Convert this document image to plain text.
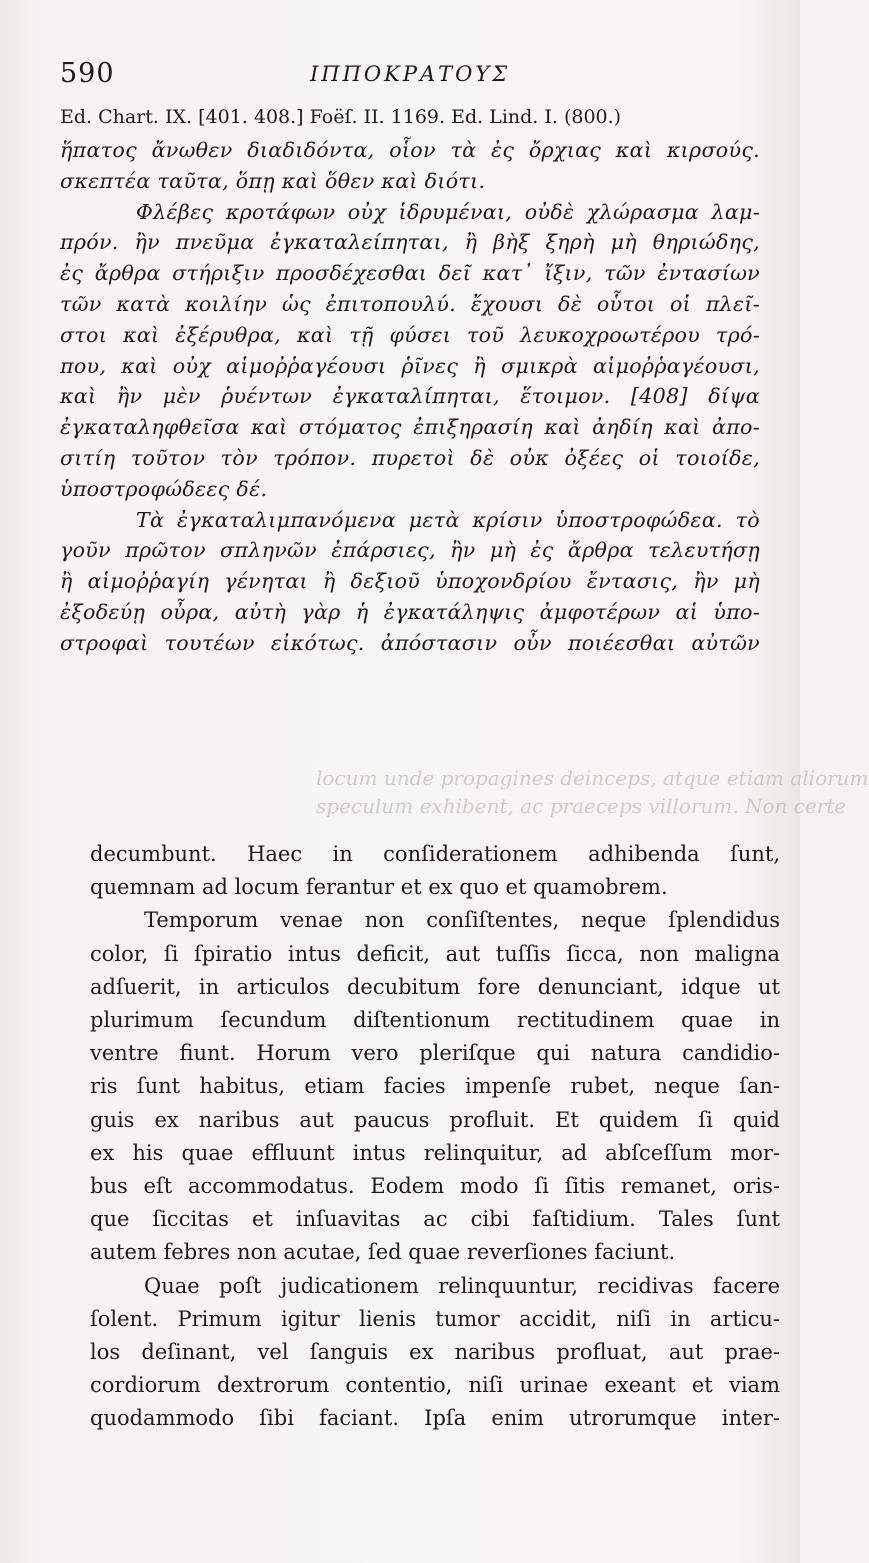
590	ΙΠΠΟΚΡΑΤΟΥΣ
Ed. Chart. IX. [401. 408.] Foëſ. II. 1169. Ed. Lind. I. (800.)
ἥπατος ἄνωθεν διαδιδόντα, οἷον τὰ ἐς ὄρχιας καὶ κιρσούς.
σκεπτέα ταῦτα, ὅπῃ καὶ ὅθεν καὶ διότι.
Φλέβες κροτάφων οὐχ ἱδρυμέναι, οὐδὲ χλώρασμα λαμ-
πρόν. ἢν πνεῦμα ἐγκαταλείπηται, ἢ βὴξ ξηρὴ μὴ θηριώδης,
ἐς ἄρθρα στήριξιν προσδέχεσθαι δεῖ κατ᾽ ἴξιν, τῶν ἐντασίων
τῶν κατὰ κοιλίην ὡς ἐπιτοπουλύ. ἔχουσι δὲ οὗτοι οἱ πλεῖ-
στοι καὶ ἐξέρυθρα, καὶ τῇ φύσει τοῦ λευκοχροωτέρου τρό-
που, καὶ οὐχ αἱμοῤῥαγέουσι ῥῖνες ἢ σμικρὰ αἱμοῤῥαγέουσι,
καὶ ἢν μὲν ῥυέντων ἐγκαταλίπηται, ἕτοιμον. [408] δίψα
ἐγκαταληφθεῖσα καὶ στόματος ἐπιξηρασίη καὶ ἀηδίη καὶ ἀπο-
σιτίη τοῦτον τὸν τρόπον. πυρετοὶ δὲ οὐκ ὀξέες οἱ τοιοίδε,
ὑποστροφώδεες δέ.
Τὰ ἐγκαταλιμπανόμενα μετὰ κρίσιν ὑποστροφώδεα. τὸ
γοῦν πρῶτον σπληνῶν ἐπάρσιες, ἢν μὴ ἐς ἄρθρα τελευτήσῃ
ἢ αἱμοῤῥαγίη γένηται ἢ δεξιοῦ ὑποχονδρίου ἔντασις, ἢν μὴ
ἐξοδεύῃ οὖρα, αὐτὴ γὰρ ἡ ἐγκατάληψις ἀμφοτέρων αἱ ὑπο-
στροφαὶ τουτέων εἰκότως. ἀπόστασιν οὖν ποιέεσθαι αὐτῶν
locum unde propagines deinceps, atque etiam aliorum
speculum exhibent, ac praeceps villorum. Non certe
decumbunt. Haec in conſiderationem adhibenda ſunt,
quemnam ad locum ferantur et ex quo et quamobrem.
Temporum venae non conſiſtentes, neque ſplendidus
color, ſi ſpiratio intus deficit, aut tuſſis ſicca, non maligna
adſuerit, in articulos decubitum fore denunciant, idque ut
plurimum ſecundum diſtentionum rectitudinem quae in
ventre fiunt. Horum vero pleriſque qui natura candidio-
ris ſunt habitus, etiam facies impenſe rubet, neque ſan-
guis ex naribus aut paucus profluit. Et quidem ſi quid
ex his quae effluunt intus relinquitur, ad abſceſſum mor-
bus eſt accommodatus. Eodem modo ſi ſitis remanet, oris-
que ſiccitas et inſuavitas ac cibi faſtidium. Tales ſunt
autem febres non acutae, ſed quae reverſiones faciunt.
Quae poſt judicationem relinquuntur, recidivas facere
ſolent. Primum igitur lienis tumor accidit, niſi in articu-
los deſinant, vel ſanguis ex naribus profluat, aut prae-
cordiorum dextrorum contentio, niſi urinae exeant et viam
quodammodo ſibi faciant. Ipſa enim utrorumque inter-
